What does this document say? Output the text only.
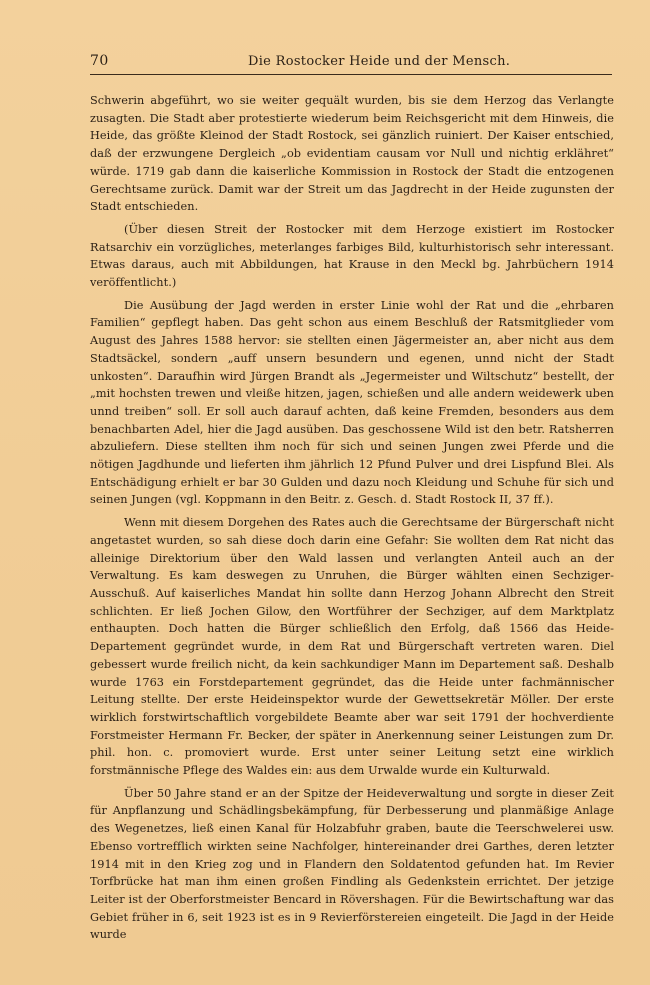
70	Die Rostocker Heide und der Mensch.

Schwerin abgeführt, wo sie weiter gequält wurden, bis sie dem Herzog das Verlangte zusagten. Die Stadt aber protestierte wiederum beim Reichsgericht mit dem Hinweis, die Heide, das größte Kleinod der Stadt Rostock, sei gänzlich ruiniert. Der Kaiser entschied, daß der erzwungene Dergleich „ob evidentiam causam vor Null und nichtig erklähret“ würde. 1719 gab dann die kaiserliche Kommission in Rostock der Stadt die entzogenen Gerechtsame zurück. Damit war der Streit um das Jagdrecht in der Heide zugunsten der Stadt entschieden.

(Über diesen Streit der Rostocker mit dem Herzoge existiert im Rostocker Ratsarchiv ein vorzügliches, meterlanges farbiges Bild, kulturhistorisch sehr interessant. Etwas daraus, auch mit Abbildungen, hat Krause in den Meckl bg. Jahrbüchern 1914 veröffentlicht.)

Die Ausübung der Jagd werden in erster Linie wohl der Rat und die „ehrbaren Familien“ gepflegt haben. Das geht schon aus einem Beschluß der Ratsmitglieder vom August des Jahres 1588 hervor: sie stellten einen Jägermeister an, aber nicht aus dem Stadtsäckel, sondern „auff unsern besundern und egenen, unnd nicht der Stadt unkosten“. Daraufhin wird Jürgen Brandt als „Jegermeister und Wiltschutz“ bestellt, der „mit hochsten trewen und vleiße hitzen, jagen, schießen und alle andern weidewerk uben unnd treiben“ soll. Er soll auch darauf achten, daß keine Fremden, besonders aus dem benachbarten Adel, hier die Jagd ausüben. Das geschossene Wild ist den betr. Ratsherren abzuliefern. Diese stellten ihm noch für sich und seinen Jungen zwei Pferde und die nötigen Jagdhunde und lieferten ihm jährlich 12 Pfund Pulver und drei Lispfund Blei. Als Entschädigung erhielt er bar 30 Gulden und dazu noch Kleidung und Schuhe für sich und seinen Jungen (vgl. Koppmann in den Beitr. z. Gesch. d. Stadt Rostock II, 37 ff.).

Wenn mit diesem Dorgehen des Rates auch die Gerechtsame der Bürgerschaft nicht angetastet wurden, so sah diese doch darin eine Gefahr: Sie wollten dem Rat nicht das alleinige Direktorium über den Wald lassen und verlangten Anteil auch an der Verwaltung. Es kam deswegen zu Unruhen, die Bürger wählten einen Sechziger-Ausschuß. Auf kaiserliches Mandat hin sollte dann Herzog Johann Albrecht den Streit schlichten. Er ließ Jochen Gilow, den Wortführer der Sechziger, auf dem Marktplatz enthaupten. Doch hatten die Bürger schließlich den Erfolg, daß 1566 das Heide-Departement gegründet wurde, in dem Rat und Bürgerschaft vertreten waren. Diel gebessert wurde freilich nicht, da kein sachkundiger Mann im Departement saß. Deshalb wurde 1763 ein Forstdepartement gegründet, das die Heide unter fachmännischer Leitung stellte. Der erste Heideinspektor wurde der Gewettsekretär Möller. Der erste wirklich forstwirtschaftlich vorgebildete Beamte aber war seit 1791 der hochverdiente Forstmeister Hermann Fr. Becker, der später in Anerkennung seiner Leistungen zum Dr. phil. hon. c. promoviert wurde. Erst unter seiner Leitung setzt eine wirklich forstmännische Pflege des Waldes ein: aus dem Urwalde wurde ein Kulturwald.

Über 50 Jahre stand er an der Spitze der Heideverwaltung und sorgte in dieser Zeit für Anpflanzung und Schädlingsbekämpfung, für Derbesserung und planmäßige Anlage des Wegenetzes, ließ einen Kanal für Holzabfuhr graben, baute die Teerschwelerei usw. Ebenso vortrefflich wirkten seine Nachfolger, hintereinander drei Garthes, deren letzter 1914 mit in den Krieg zog und in Flandern den Soldatentod gefunden hat. Im Revier Torfbrücke hat man ihm einen großen Findling als Gedenkstein errichtet. Der jetzige Leiter ist der Oberforstmeister Bencard in Rövershagen. Für die Bewirtschaftung war das Gebiet früher in 6, seit 1923 ist es in 9 Revierförstereien eingeteilt. Die Jagd in der Heide wurde
